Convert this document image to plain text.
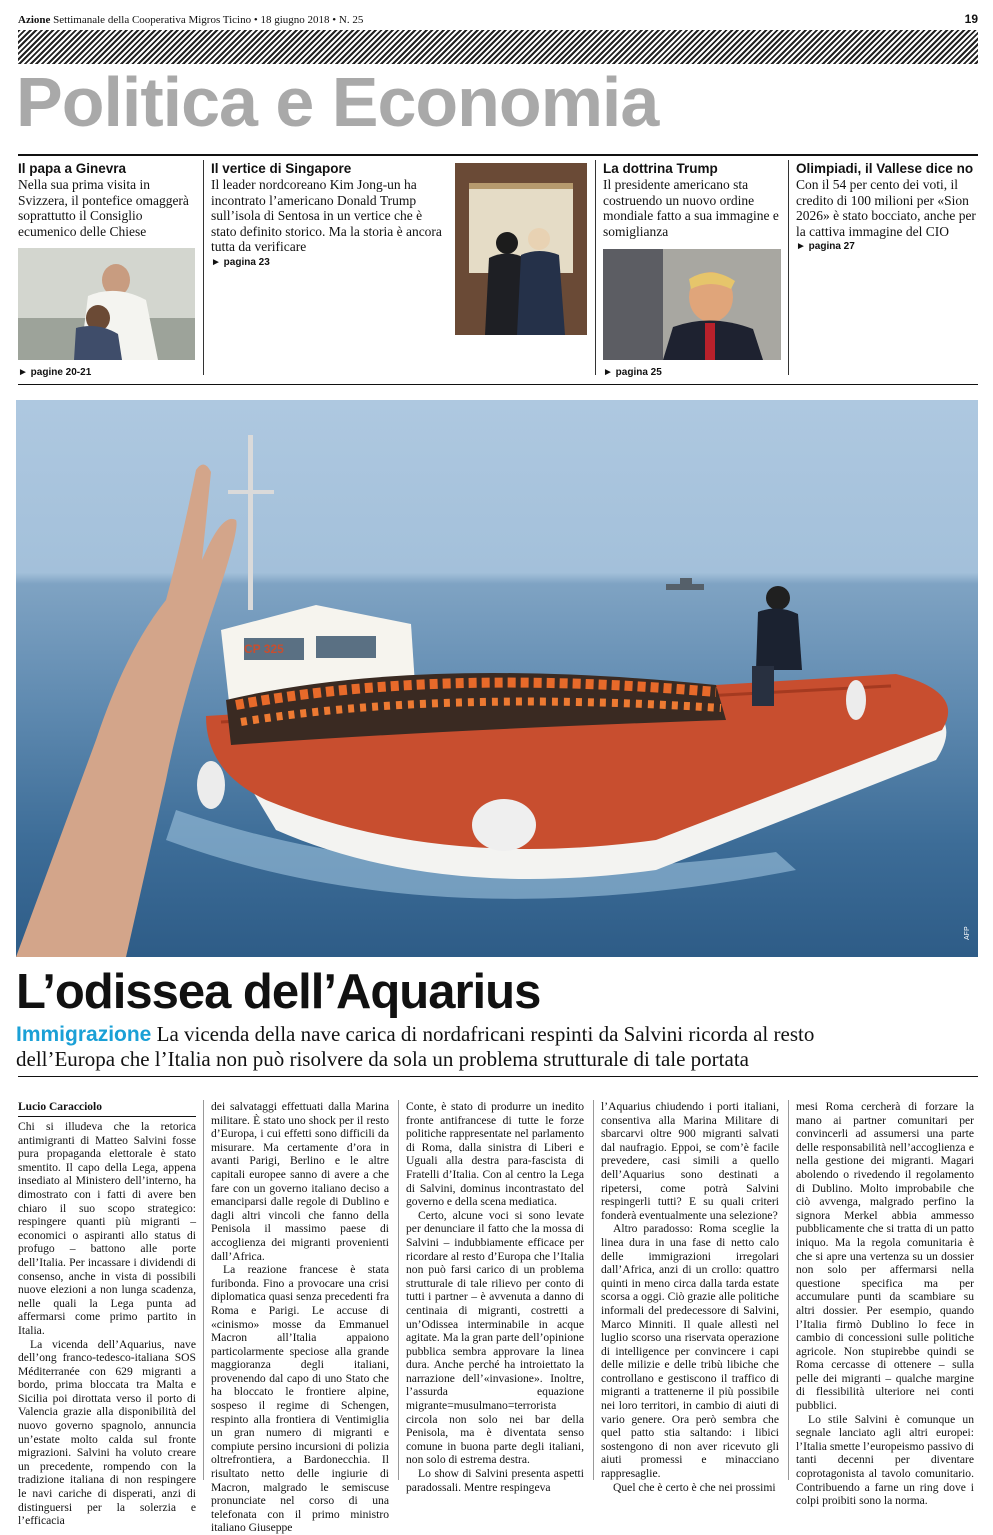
Azione Settimanale della Cooperativa Migros Ticino • 18 giugno 2018 • N. 25	19
Politica e Economia
Il papa a Ginevra
Nella sua prima visita in Svizzera, il pontefice omaggerà soprattutto il Consiglio ecumenico delle Chiese
► pagine 20-21
Il vertice di Singapore
Il leader nordcoreano Kim Jong-un ha incontrato l’americano Donald Trump sull’isola di Sentosa in un vertice che è stato definito storico. Ma la storia è ancora tutta da verificare
► pagina 23
La dottrina Trump
Il presidente americano sta costruendo un nuovo ordine mondiale fatto a sua immagine e somiglianza
► pagina 25
Olimpiadi, il Vallese dice no
Con il 54 per cento dei voti, il credito di 100 milioni per «Sion 2026» è stato bocciato, anche per la cattiva immagine del CIO
► pagina 27
CP 325
AFP
L’odissea dell’Aquarius
Immigrazione La vicenda della nave carica di nordafricani respinti da Salvini ricorda al resto dell’Europa che l’Italia non può risolvere da sola un problema strutturale di tale portata
Lucio Caracciolo

Chi si illudeva che la retorica antimigranti di Matteo Salvini fosse pura propaganda elettorale è stato smentito. Il capo della Lega, appena insediato al Ministero dell’interno, ha dimostrato con i fatti di avere ben chiaro il suo scopo strategico: respingere quanti più migranti – economici o aspiranti allo status di profugo – battono alle porte dell’Italia. Per incassare i dividendi di consenso, anche in vista di possibili nuove elezioni a non lunga scadenza, nelle quali la Lega punta ad affermarsi come primo partito in Italia.

La vicenda dell’Aquarius, nave dell’ong franco-tedesco-italiana SOS Méditerranée con 629 migranti a bordo, prima bloccata tra Malta e Sicilia poi dirottata verso il porto di Valencia grazie alla disponibilità del nuovo governo spagnolo, annuncia un’estate molto calda sul fronte migrazioni. Salvini ha voluto creare un precedente, rompendo con la tradizione italiana di non respingere le navi cariche di disperati, anzi di distinguersi per la solerzia e l’efficacia

dei salvataggi effettuati dalla Marina militare. È stato uno shock per il resto d’Europa, i cui effetti sono difficili da misurare. Ma certamente d’ora in avanti Parigi, Berlino e le altre capitali europee sanno di avere a che fare con un governo italiano deciso a emanciparsi dalle regole di Dublino e dagli altri vincoli che fanno della Penisola il massimo paese di accoglienza dei migranti provenienti dall’Africa.

La reazione francese è stata furibonda. Fino a provocare una crisi diplomatica quasi senza precedenti fra Roma e Parigi. Le accuse di «cinismo» mosse da Emmanuel Macron all’Italia appaiono particolarmente speciose alla grande maggioranza degli italiani, provenendo dal capo di uno Stato che ha bloccato le frontiere alpine, sospeso il regime di Schengen, respinto alla frontiera di Ventimiglia un gran numero di migranti e compiute persino incursioni di polizia oltrefrontiera, a Bardonecchia. Il risultato netto delle ingiurie di Macron, malgrado le semiscuse pronunciate nel corso di una telefonata con il primo ministro italiano Giuseppe

Conte, è stato di produrre un inedito fronte antifrancese di tutte le forze politiche rappresentate nel parlamento di Roma, dalla sinistra di Liberi e Uguali alla destra para-fascista di Fratelli d’Italia. Con al centro la Lega di Salvini, dominus incontrastato del governo e della scena mediatica.

Certo, alcune voci si sono levate per denunciare il fatto che la mossa di Salvini – indubbiamente efficace per ricordare al resto d’Europa che l’Italia non può farsi carico di un problema strutturale di tale rilievo per conto di tutti i partner – è avvenuta a danno di centinaia di migranti, costretti a un’Odissea interminabile in acque agitate. Ma la gran parte dell’opinione pubblica sembra approvare la linea dura. Anche perché ha introiettato la narrazione dell’«invasione». Inoltre, l’assurda equazione migrante=musulmano=terrorista circola non solo nei bar della Penisola, ma è diventata senso comune in buona parte degli italiani, non solo di estrema destra.

Lo show di Salvini presenta aspetti paradossali. Mentre respingeva

l’Aquarius chiudendo i porti italiani, consentiva alla Marina Militare di sbarcarvi oltre 900 migranti salvati dal naufragio. Eppoi, se com’è facile prevedere, casi simili a quello dell’Aquarius sono destinati a ripetersi, come potrà Salvini respingerli tutti? E su quali criteri fonderà eventualmente una selezione?

Altro paradosso: Roma sceglie la linea dura in una fase di netto calo delle immigrazioni irregolari dall’Africa, anzi di un crollo: quattro quinti in meno circa dalla tarda estate scorsa a oggi. Ciò grazie alle politiche informali del predecessore di Salvini, Marco Minniti. Il quale allestì nel luglio scorso una riservata operazione di intelligence per convincere i capi delle milizie e delle tribù libiche che controllano e gestiscono il traffico di migranti a trattenerne il più possibile nei loro territori, in cambio di aiuti di vario genere. Ora però sembra che quel patto stia saltando: i libici sostengono di non aver ricevuto gli aiuti promessi e minacciano rappresaglie.

Quel che è certo è che nei prossimi

mesi Roma cercherà di forzare la mano ai partner comunitari per convincerli ad assumersi una parte delle responsabilità nell’accoglienza e nella gestione dei migranti. Magari abolendo o rivedendo il regolamento di Dublino. Molto improbabile che ciò avvenga, malgrado perfino la signora Merkel abbia ammesso pubblicamente che si tratta di un patto iniquo. Ma la regola comunitaria è che si apre una vertenza su un dossier non solo per affermarsi nella questione specifica ma per accumulare punti da scambiare su altri dossier. Per esempio, quando l’Italia firmò Dublino lo fece in cambio di concessioni sulle politiche agricole. Non stupirebbe quindi se Roma cercasse di ottenere – sulla pelle dei migranti – qualche margine di flessibilità ulteriore nei conti pubblici.

Lo stile Salvini è comunque un segnale lanciato agli altri europei: l’Italia smette l’europeismo passivo di tanti decenni per diventare coprotagonista al tavolo comunitario. Contribuendo a farne un ring dove i colpi proibiti sono la norma.
